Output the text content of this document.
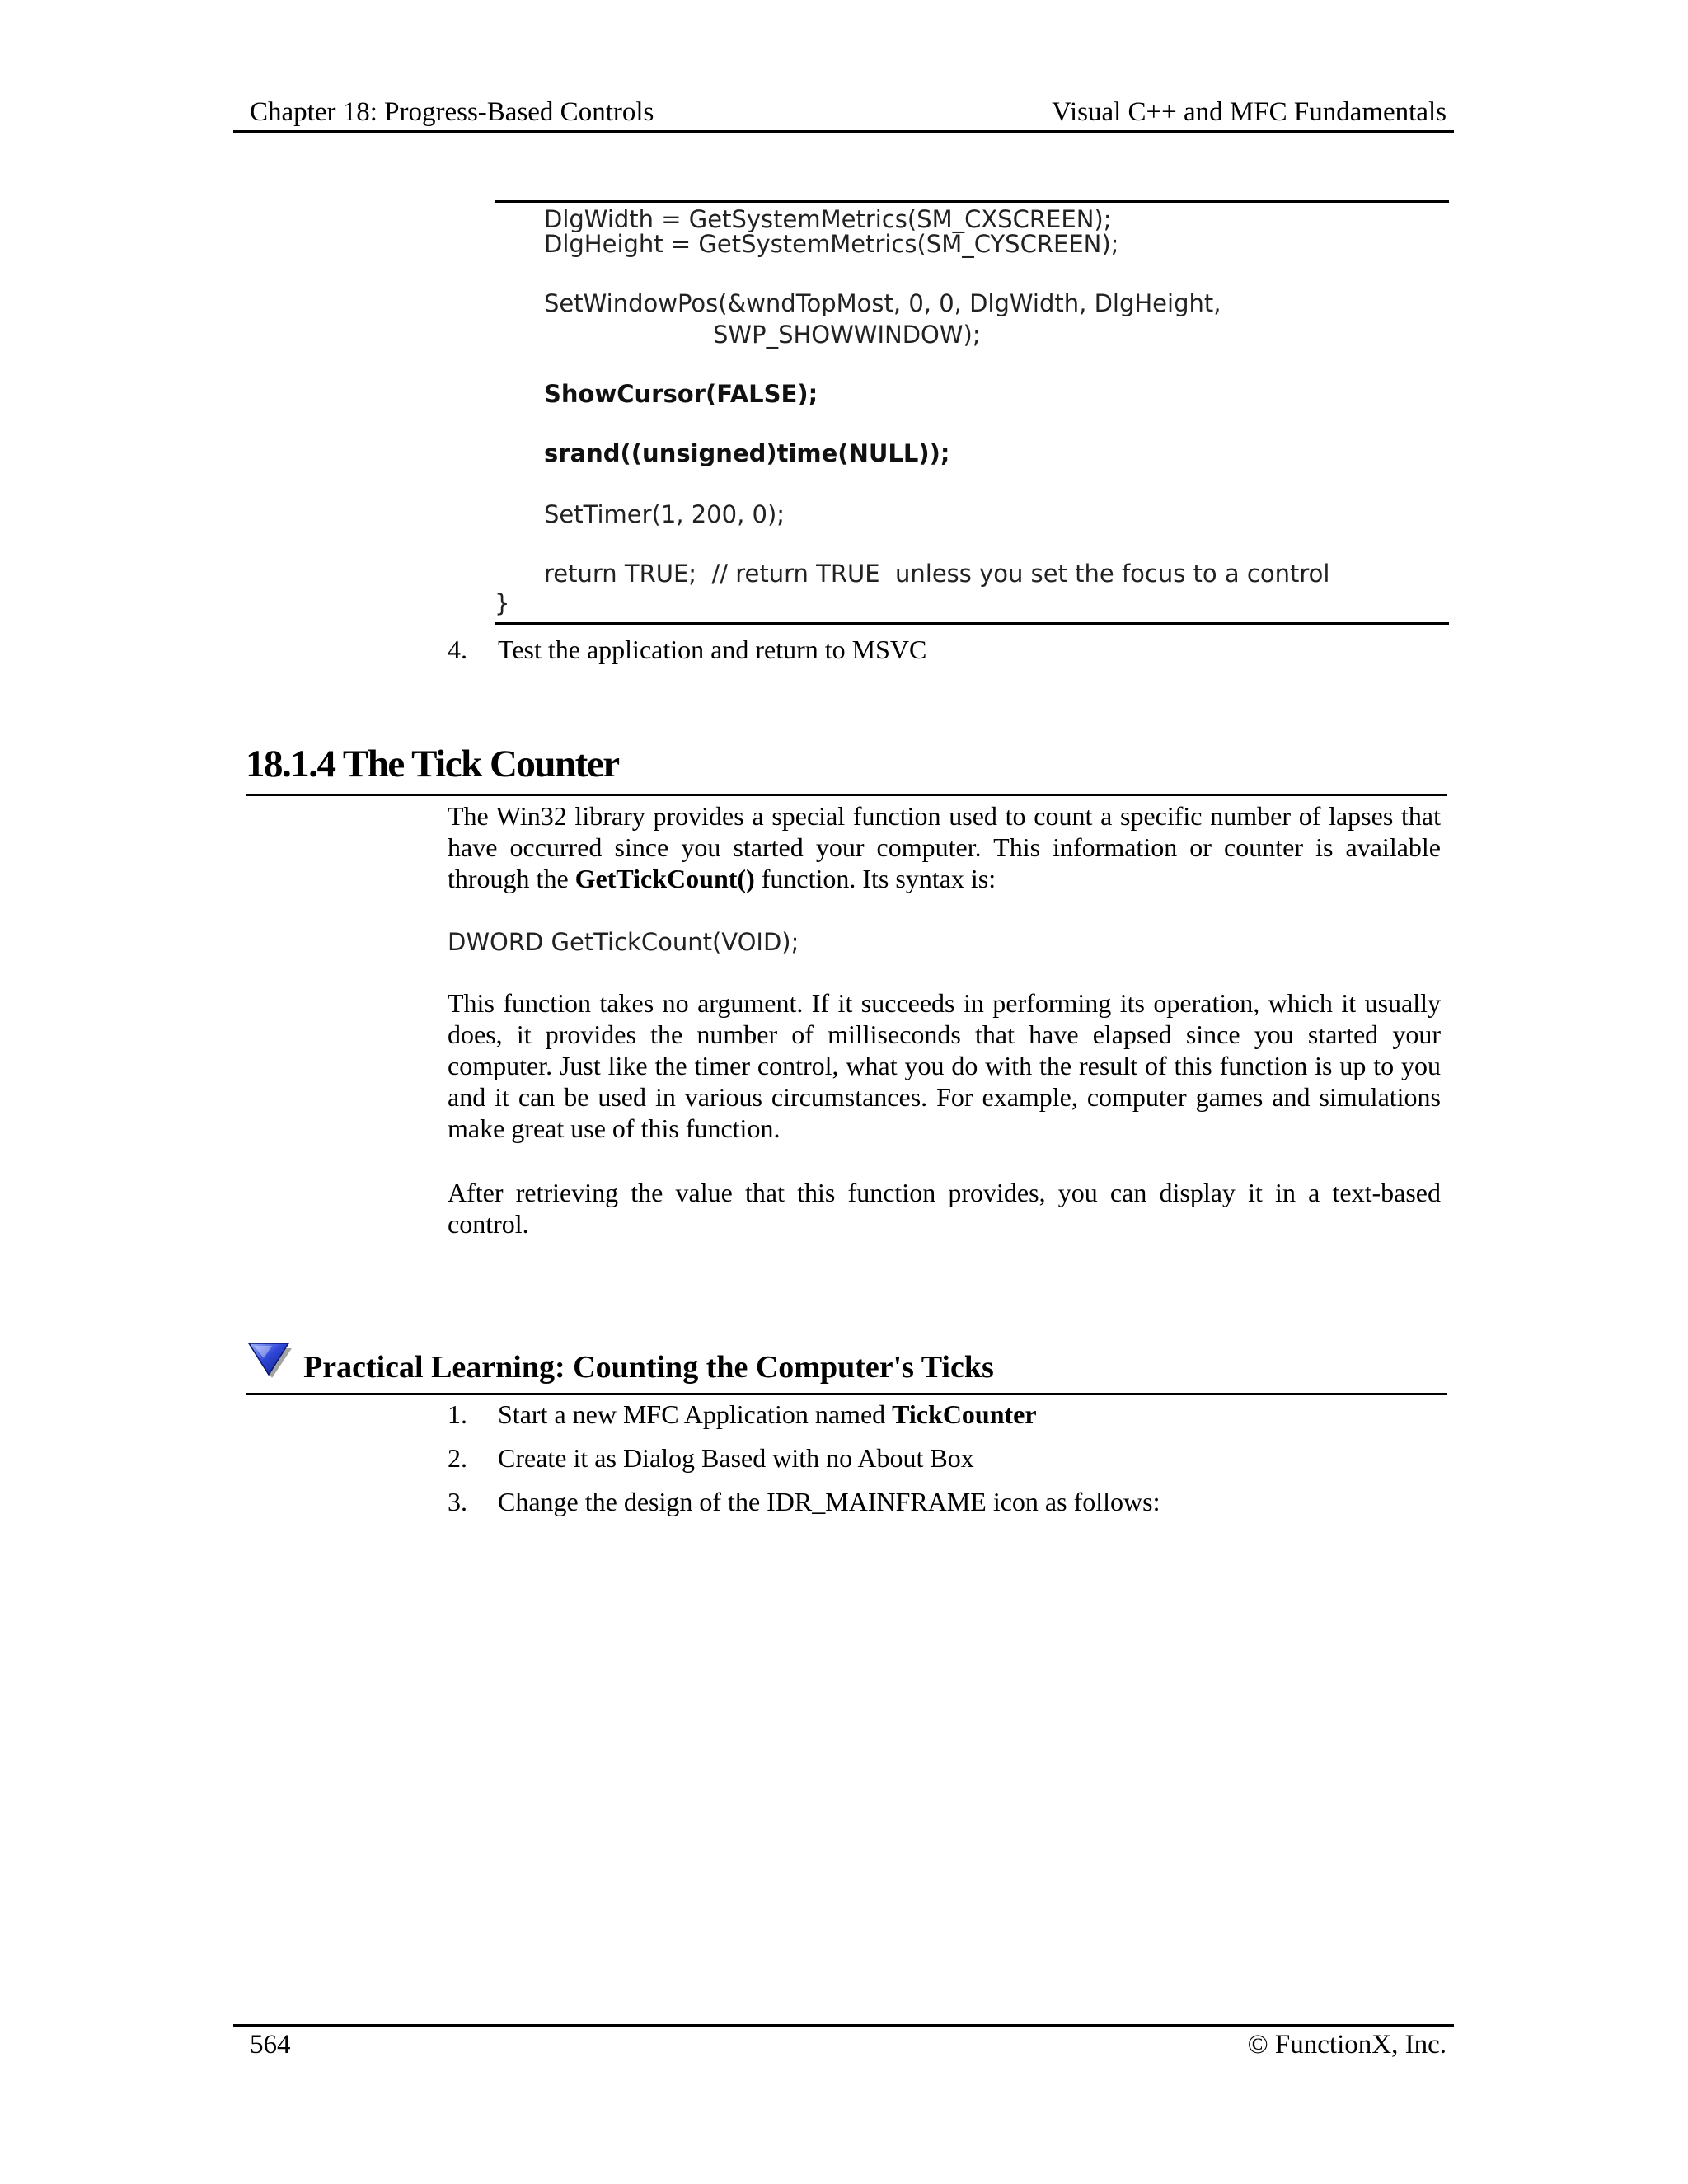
Chapter 18: Progress-Based Controls	Visual C++ and MFC Fundamentals
DlgWidth = GetSystemMetrics(SM_CXSCREEN);
DlgHeight = GetSystemMetrics(SM_CYSCREEN);
SetWindowPos(&wndTopMost, 0, 0, DlgWidth, DlgHeight,
SWP_SHOWWINDOW);
ShowCursor(FALSE);
srand((unsigned)time(NULL));
SetTimer(1, 200, 0);
return TRUE;  // return TRUE  unless you set the focus to a control
}
4. Test the application and return to MSVC
18.1.4 The Tick Counter
The Win32 library provides a special function used to count a specific number of lapses that have occurred since you started your computer. This information or counter is available through the GetTickCount() function. Its syntax is:
DWORD GetTickCount(VOID);
This function takes no argument. If it succeeds in performing its operation, which it usually does, it provides the number of milliseconds that have elapsed since you started your computer. Just like the timer control, what you do with the result of this function is up to you and it can be used in various circumstances. For example, computer games and simulations make great use of this function.
After retrieving the value that this function provides, you can display it in a text-based control.
Practical Learning: Counting the Computer's Ticks
1. Start a new MFC Application named TickCounter
2. Create it as Dialog Based with no About Box
3. Change the design of the IDR_MAINFRAME icon as follows:
564	© FunctionX, Inc.
